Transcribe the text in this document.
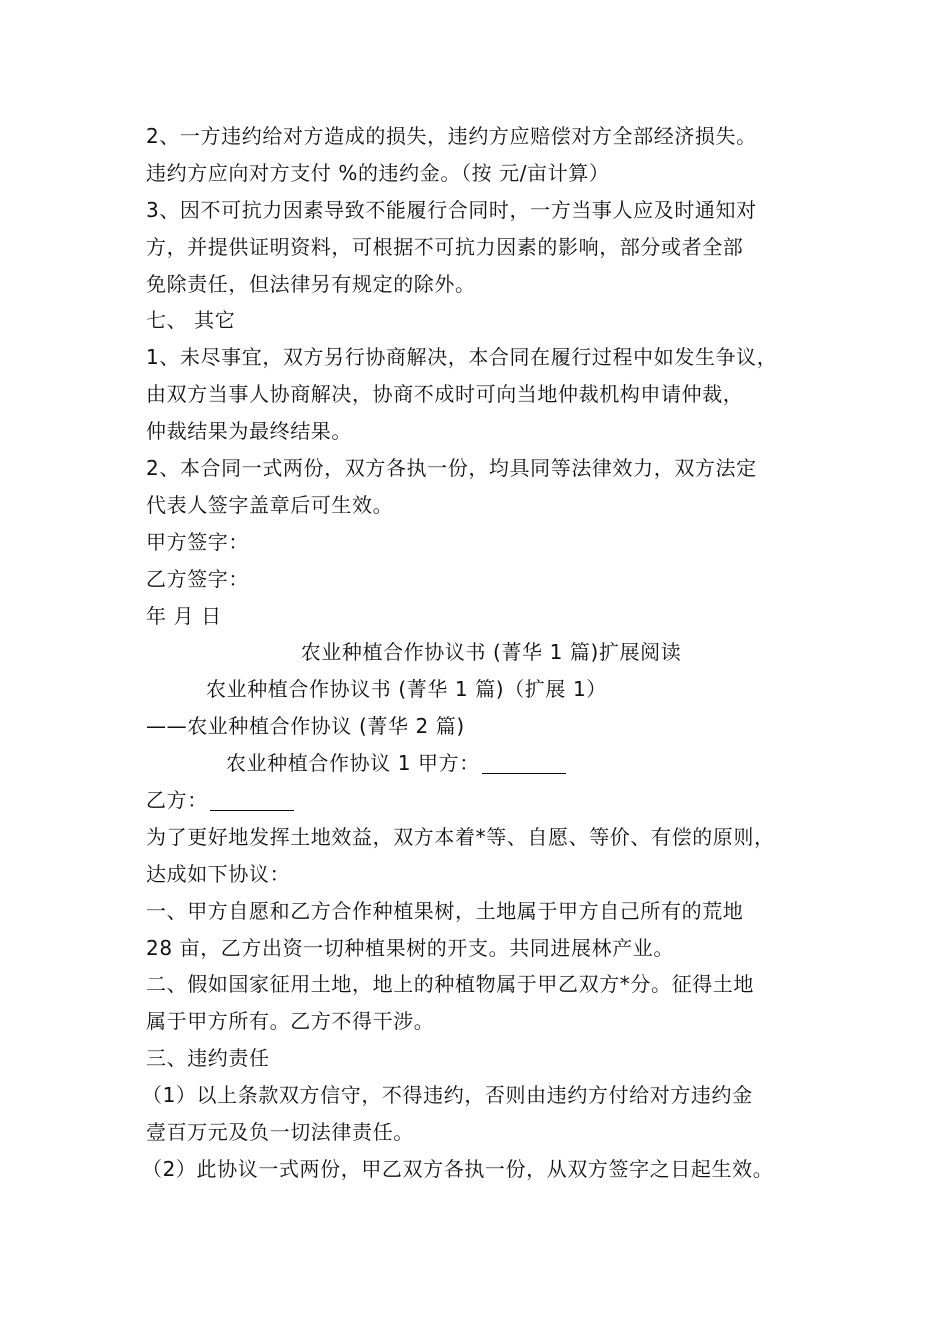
2、一方违约给对方造成的损失，违约方应赔偿对方全部经济损失。
违约方应向对方支付 %的违约金。（按 元/亩计算）
3、因不可抗力因素导致不能履行合同时，一方当事人应及时通知对
方，并提供证明资料，可根据不可抗力因素的影响，部分或者全部
免除责任，但法律另有规定的除外。
七、 其它
1、未尽事宜，双方另行协商解决，本合同在履行过程中如发生争议，
由双方当事人协商解决，协商不成时可向当地仲裁机构申请仲裁，
仲裁结果为最终结果。
2、本合同一式两份，双方各执一份，均具同等法律效力，双方法定
代表人签字盖章后可生效。
甲方签字：
乙方签字：
年 月 日
农业种植合作协议书 (菁华 1 篇)扩展阅读
农业种植合作协议书 (菁华 1 篇)（扩展 1）
——农业种植合作协议 (菁华 2 篇)
农业种植合作协议 1 甲方：
乙方：
为了更好地发挥土地效益，双方本着*等、自愿、等价、有偿的原则，
达成如下协议：
一、甲方自愿和乙方合作种植果树，土地属于甲方自己所有的荒地
28 亩，乙方出资一切种植果树的开支。共同进展林产业。
二、假如国家征用土地，地上的种植物属于甲乙双方*分。征得土地
属于甲方所有。乙方不得干涉。
三、违约责任
（1）以上条款双方信守，不得违约，否则由违约方付给对方违约金
壹百万元及负一切法律责任。
（2）此协议一式两份，甲乙双方各执一份，从双方签字之日起生效。
